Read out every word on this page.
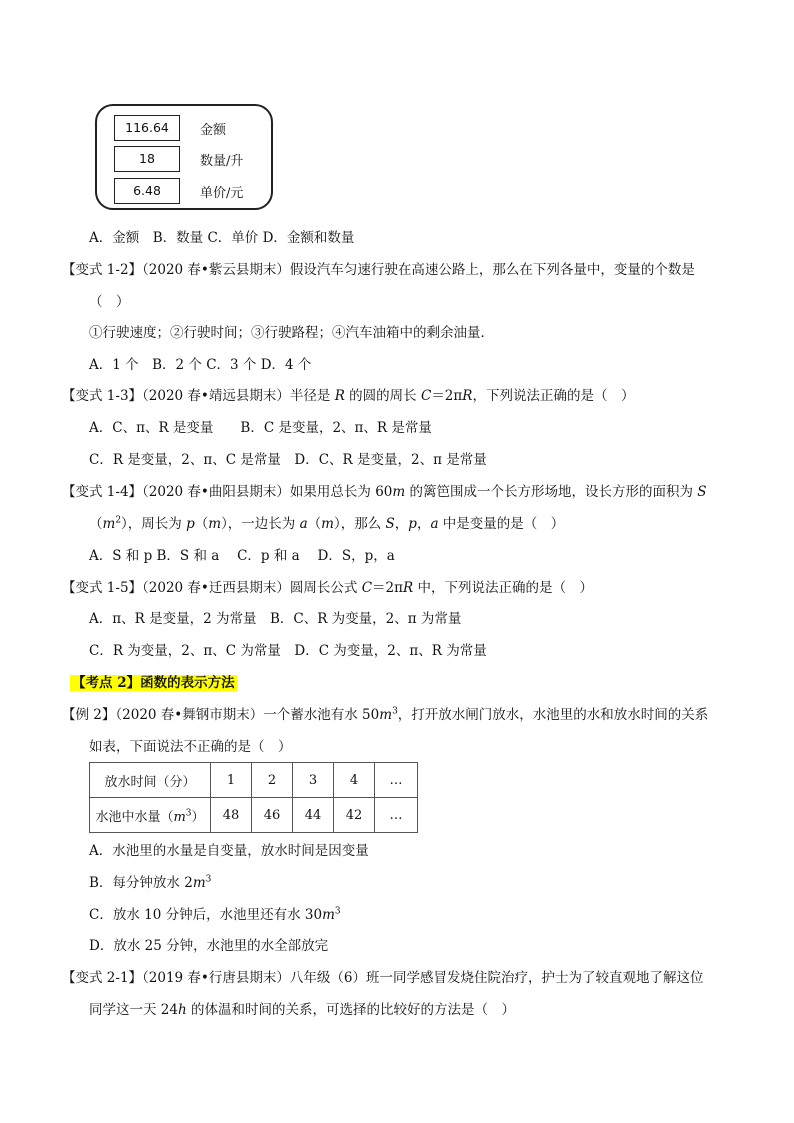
116.64	金额
18	数量/升
6.48	单价/元
A．金额　B．数量 C．单价 D．金额和数量
【变式 1-2】（2020 春•紫云县期末）假设汽车匀速行驶在高速公路上，那么在下列各量中，变量的个数是
（　）
①行驶速度；②行驶时间；③行驶路程；④汽车油箱中的剩余油量．
A．1 个　B．2 个 C．3 个 D．4 个
【变式 1-3】（2020 春•靖远县期末）半径是 R 的圆的周长 C＝2πR，下列说法正确的是（　）
A．C、π、R 是变量　　B．C 是变量，2、π、R 是常量
C．R 是变量，2、π、C 是常量　D．C、R 是变量，2、π 是常量
【变式 1-4】（2020 春•曲阳县期末）如果用总长为 60m 的篱笆围成一个长方形场地，设长方形的面积为 S
$(m^2)$，周长为 p（m），一边长为 a（m），那么 S，p，a 中是变量的是（　）
A．S 和 p B．S 和 a　 C．p 和 a　 D．S，p，a
【变式 1-5】（2020 春•迁西县期末）圆周长公式 C＝2πR 中，下列说法正确的是（　）
A．π、R 是变量，2 为常量　B．C、R 为变量，2、π 为常量
C．R 为变量，2、π、C 为常量　D．C 为变量，2、π、R 为常量
【考点 2】函数的表示方法
【例 2】（2020 春•舞钢市期末）一个蓄水池有水 $50m^3$，打开放水闸门放水，水池里的水和放水时间的关系
如表，下面说法不正确的是（　）
放水时间（分）	1	2	3	4	…
水池中水量$(m^3)$	48	46	44	42	…
A．水池里的水量是自变量，放水时间是因变量
B．每分钟放水 $2m^3$
C．放水 10 分钟后，水池里还有水 $30m^3$
D．放水 25 分钟，水池里的水全部放完
【变式 2-1】（2019 春•行唐县期末）八年级（6）班一同学感冒发烧住院治疗，护士为了较直观地了解这位
同学这一天 24h 的体温和时间的关系，可选择的比较好的方法是（　）
